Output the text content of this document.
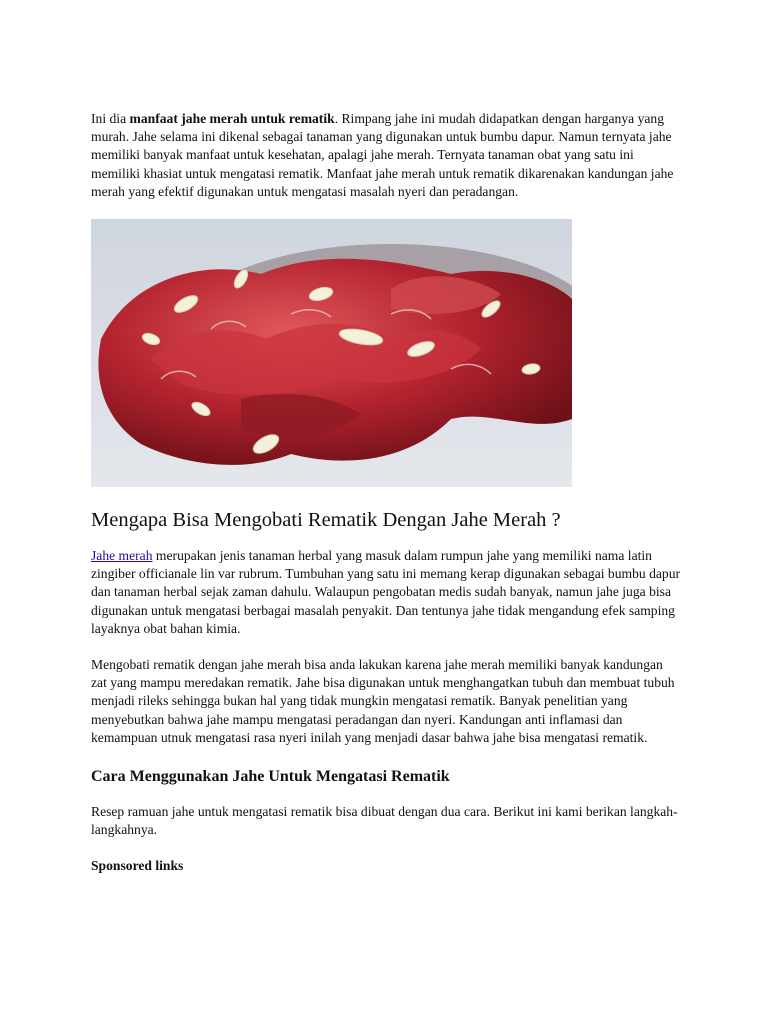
Ini dia manfaat jahe merah untuk rematik. Rimpang jahe ini mudah didapatkan dengan harganya yang murah. Jahe selama ini dikenal sebagai tanaman yang digunakan untuk bumbu dapur. Namun ternyata jahe memiliki banyak manfaat untuk kesehatan, apalagi jahe merah. Ternyata tanaman obat yang satu ini memiliki khasiat untuk mengatasi rematik. Manfaat jahe merah untuk rematik dikarenakan kandungan jahe merah yang efektif digunakan untuk mengatasi masalah nyeri dan peradangan.

Mengapa Bisa Mengobati Rematik Dengan Jahe Merah ?

Jahe merah merupakan jenis tanaman herbal yang masuk dalam rumpun jahe yang memiliki nama latin zingiber officianale lin var rubrum. Tumbuhan yang satu ini memang kerap digunakan sebagai bumbu dapur dan tanaman herbal sejak zaman dahulu. Walaupun pengobatan medis sudah banyak, namun jahe juga bisa digunakan untuk mengatasi berbagai masalah penyakit. Dan tentunya jahe tidak mengandung efek samping layaknya obat bahan kimia.

Mengobati rematik dengan jahe merah bisa anda lakukan karena jahe merah memiliki banyak kandungan zat yang mampu meredakan rematik. Jahe bisa digunakan untuk menghangatkan tubuh dan membuat tubuh menjadi rileks sehingga bukan hal yang tidak mungkin mengatasi rematik. Banyak penelitian yang menyebutkan bahwa jahe mampu mengatasi peradangan dan nyeri. Kandungan anti inflamasi dan kemampuan utnuk mengatasi rasa nyeri inilah yang menjadi dasar bahwa jahe bisa mengatasi rematik.

Cara Menggunakan Jahe Untuk Mengatasi Rematik

Resep ramuan jahe untuk mengatasi rematik bisa dibuat dengan dua cara. Berikut ini kami berikan langkah-langkahnya.

Sponsored links
